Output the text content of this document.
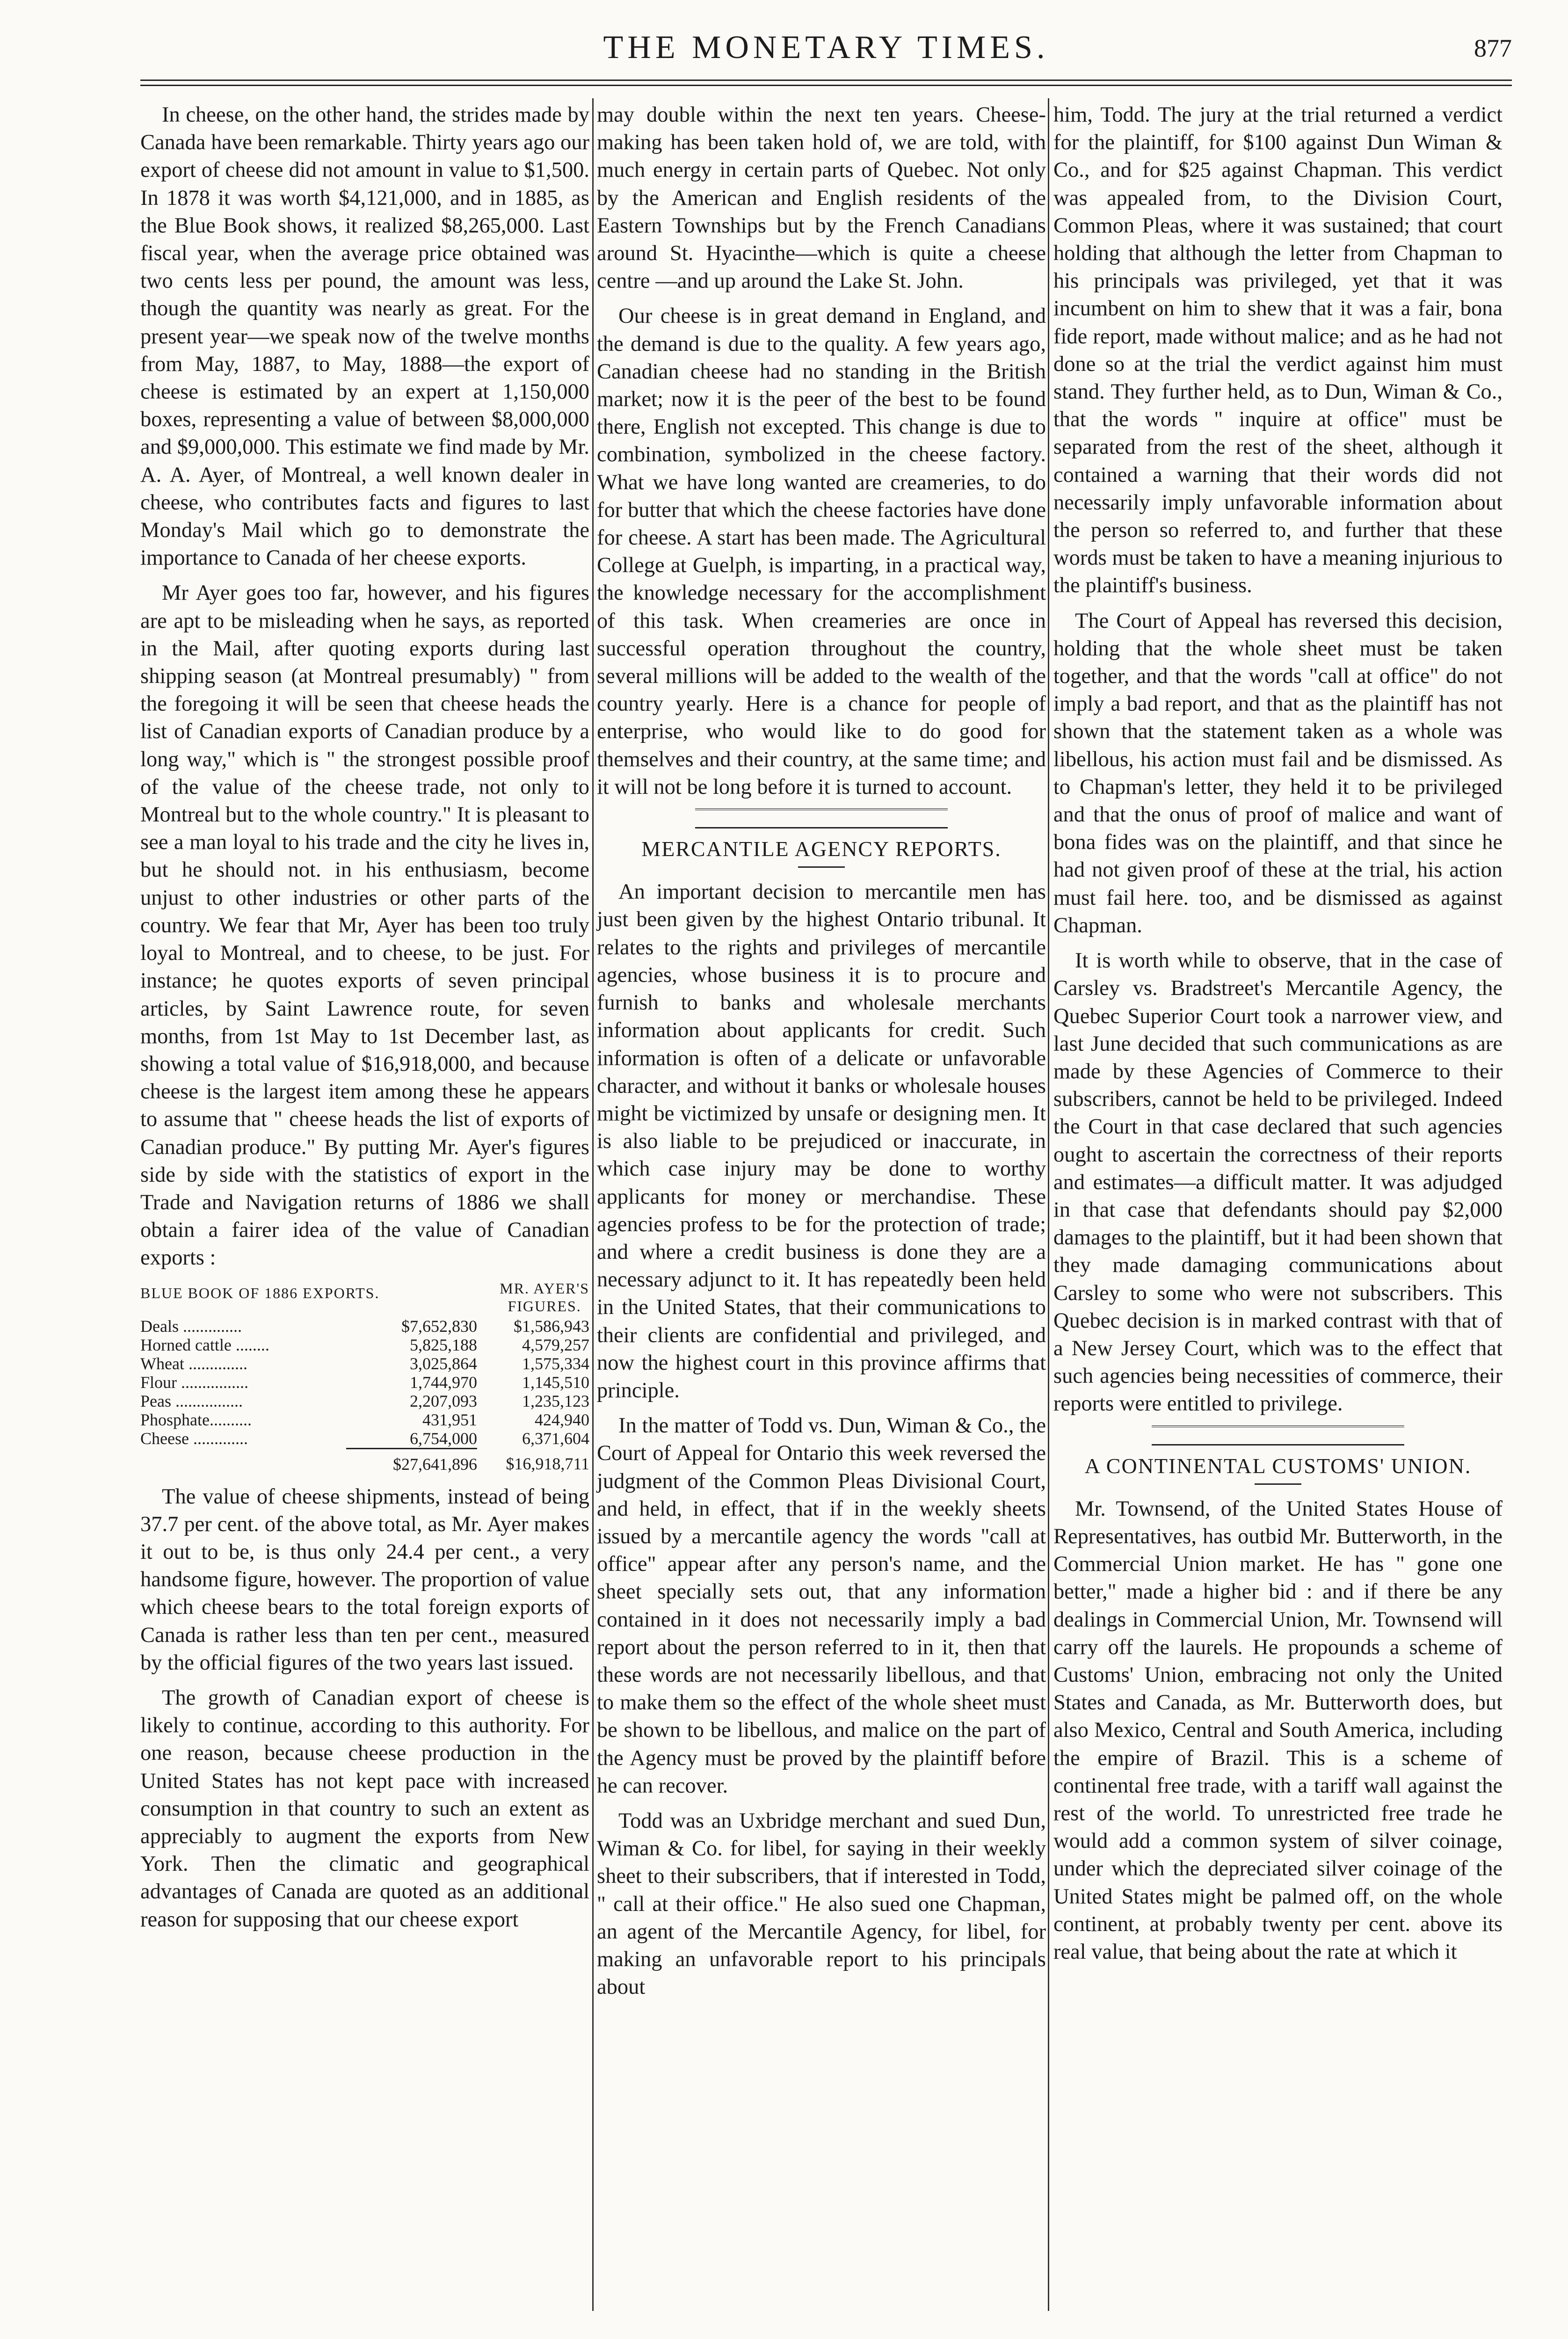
THE MONETARY TIMES.	877

In cheese, on the other hand, the strides made by Canada have been remarkable. Thirty years ago our export of cheese did not amount in value to $1,500. In 1878 it was worth $4,121,000, and in 1885, as the Blue Book shows, it realized $8,265,000. Last fiscal year, when the average price obtained was two cents less per pound, the amount was less, though the quantity was nearly as great. For the present year—we speak now of the twelve months from May, 1887, to May, 1888—the export of cheese is estimated by an expert at 1,150,000 boxes, representing a value of between $8,000,000 and $9,000,000. This estimate we find made by Mr. A. A. Ayer, of Montreal, a well known dealer in cheese, who contributes facts and figures to last Monday's Mail which go to demonstrate the importance to Canada of her cheese exports.

Mr Ayer goes too far, however, and his figures are apt to be misleading when he says, as reported in the Mail, after quoting exports during last shipping season (at Montreal presumably) " from the foregoing it will be seen that cheese heads the list of Canadian exports of Canadian produce by a long way," which is " the strongest possible proof of the value of the cheese trade, not only to Montreal but to the whole country." It is pleasant to see a man loyal to his trade and the city he lives in, but he should not. in his enthusiasm, become unjust to other industries or other parts of the country. We fear that Mr, Ayer has been too truly loyal to Montreal, and to cheese, to be just. For instance; he quotes exports of seven principal articles, by Saint Lawrence route, for seven months, from 1st May to 1st December last, as showing a total value of $16,918,000, and because cheese is the largest item among these he appears to assume that " cheese heads the list of exports of Canadian produce." By putting Mr. Ayer's figures side by side with the statistics of export in the Trade and Navigation returns of 1886 we shall obtain a fairer idea of the value of Canadian exports :

BLUE BOOK OF 1886 EXPORTS.	MR. AYER'S
FIGURES.
Deals ..............	$7,652,830	$1,586,943
Horned cattle ........	5,825,188	4,579,257
Wheat ..............	3,025,864	1,575,334
Flour ................	1,744,970	1,145,510
Peas ................	2,207,093	1,235,123
Phosphate..........	431,951	424,940
Cheese .............	6,754,000	6,371,604
	$27,641,896	$16,918,711

The value of cheese shipments, instead of being 37.7 per cent. of the above total, as Mr. Ayer makes it out to be, is thus only 24.4 per cent., a very handsome figure, however. The proportion of value which cheese bears to the total foreign exports of Canada is rather less than ten per cent., measured by the official figures of the two years last issued.

The growth of Canadian export of cheese is likely to continue, according to this authority. For one reason, because cheese production in the United States has not kept pace with increased consumption in that country to such an extent as appreciably to augment the exports from New York. Then the climatic and geographical advantages of Canada are quoted as an additional reason for supposing that our cheese export

may double within the next ten years. Cheese-making has been taken hold of, we are told, with much energy in certain parts of Quebec. Not only by the American and English residents of the Eastern Townships but by the French Canadians around St. Hyacinthe—which is quite a cheese centre —and up around the Lake St. John.

Our cheese is in great demand in England, and the demand is due to the quality. A few years ago, Canadian cheese had no standing in the British market; now it is the peer of the best to be found there, English not excepted. This change is due to combination, symbolized in the cheese factory. What we have long wanted are creameries, to do for butter that which the cheese factories have done for cheese. A start has been made. The Agricultural College at Guelph, is imparting, in a practical way, the knowledge necessary for the accomplishment of this task. When creameries are once in successful operation throughout the country, several millions will be added to the wealth of the country yearly. Here is a chance for people of enterprise, who would like to do good for themselves and their country, at the same time; and it will not be long before it is turned to account.

MERCANTILE AGENCY REPORTS.

An important decision to mercantile men has just been given by the highest Ontario tribunal. It relates to the rights and privileges of mercantile agencies, whose business it is to procure and furnish to banks and wholesale merchants information about applicants for credit. Such information is often of a delicate or unfavorable character, and without it banks or wholesale houses might be victimized by unsafe or designing men. It is also liable to be prejudiced or inaccurate, in which case injury may be done to worthy applicants for money or merchandise. These agencies profess to be for the protection of trade; and where a credit business is done they are a necessary adjunct to it. It has repeatedly been held in the United States, that their communications to their clients are confidential and privileged, and now the highest court in this province affirms that principle.

In the matter of Todd vs. Dun, Wiman & Co., the Court of Appeal for Ontario this week reversed the judgment of the Common Pleas Divisional Court, and held, in effect, that if in the weekly sheets issued by a mercantile agency the words "call at office" appear after any person's name, and the sheet specially sets out, that any information contained in it does not necessarily imply a bad report about the person referred to in it, then that these words are not necessarily libellous, and that to make them so the effect of the whole sheet must be shown to be libellous, and malice on the part of the Agency must be proved by the plaintiff before he can recover.

Todd was an Uxbridge merchant and sued Dun, Wiman & Co. for libel, for saying in their weekly sheet to their subscribers, that if interested in Todd, " call at their office." He also sued one Chapman, an agent of the Mercantile Agency, for libel, for making an unfavorable report to his principals about

him, Todd. The jury at the trial returned a verdict for the plaintiff, for $100 against Dun Wiman & Co., and for $25 against Chapman. This verdict was appealed from, to the Division Court, Common Pleas, where it was sustained; that court holding that although the letter from Chapman to his principals was privileged, yet that it was incumbent on him to shew that it was a fair, bona fide report, made without malice; and as he had not done so at the trial the verdict against him must stand. They further held, as to Dun, Wiman & Co., that the words " inquire at office" must be separated from the rest of the sheet, although it contained a warning that their words did not necessarily imply unfavorable information about the person so referred to, and further that these words must be taken to have a meaning injurious to the plaintiff's business.

The Court of Appeal has reversed this decision, holding that the whole sheet must be taken together, and that the words "call at office" do not imply a bad report, and that as the plaintiff has not shown that the statement taken as a whole was libellous, his action must fail and be dismissed. As to Chapman's letter, they held it to be privileged and that the onus of proof of malice and want of bona fides was on the plaintiff, and that since he had not given proof of these at the trial, his action must fail here. too, and be dismissed as against Chapman.

It is worth while to observe, that in the case of Carsley vs. Bradstreet's Mercantile Agency, the Quebec Superior Court took a narrower view, and last June decided that such communications as are made by these Agencies of Commerce to their subscribers, cannot be held to be privileged. Indeed the Court in that case declared that such agencies ought to ascertain the correctness of their reports and estimates—a difficult matter. It was adjudged in that case that defendants should pay $2,000 damages to the plaintiff, but it had been shown that they made damaging communications about Carsley to some who were not subscribers. This Quebec decision is in marked contrast with that of a New Jersey Court, which was to the effect that such agencies being necessities of commerce, their reports were entitled to privilege.

A CONTINENTAL CUSTOMS' UNION.

Mr. Townsend, of the United States House of Representatives, has outbid Mr. Butterworth, in the Commercial Union market. He has " gone one better," made a higher bid : and if there be any dealings in Commercial Union, Mr. Townsend will carry off the laurels. He propounds a scheme of Customs' Union, embracing not only the United States and Canada, as Mr. Butterworth does, but also Mexico, Central and South America, including the empire of Brazil. This is a scheme of continental free trade, with a tariff wall against the rest of the world. To unrestricted free trade he would add a common system of silver coinage, under which the depreciated silver coinage of the United States might be palmed off, on the whole continent, at probably twenty per cent. above its real value, that being about the rate at which it
